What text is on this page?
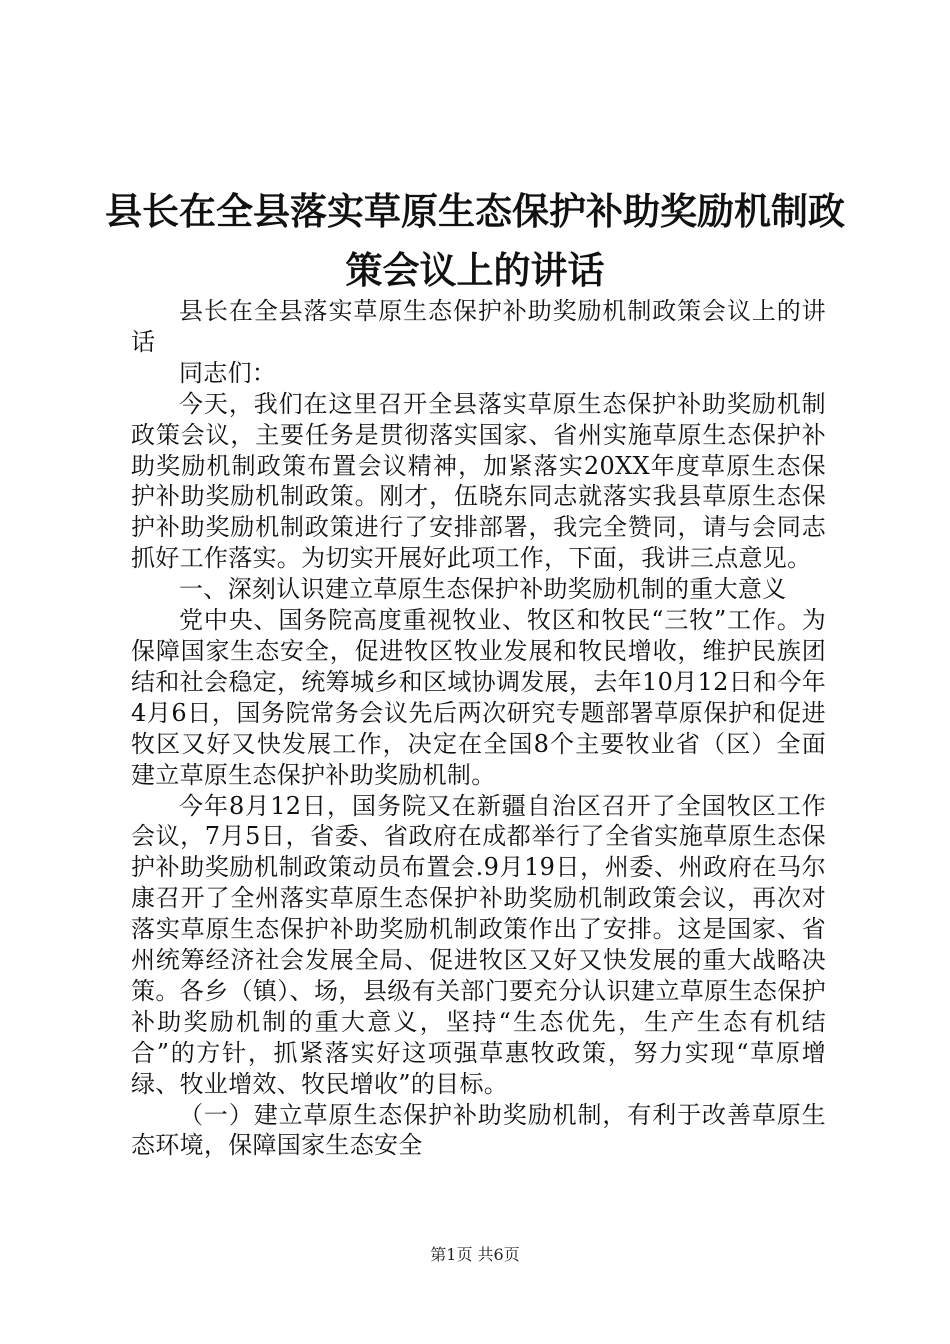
县长在全县落实草原生态保护补助奖励机制政
策会议上的讲话

县长在全县落实草原生态保护补助奖励机制政策会议上的讲话

同志们：

今天，我们在这里召开全县落实草原生态保护补助奖励机制政策会议，主要任务是贯彻落实国家、省州实施草原生态保护补助奖励机制政策布置会议精神，加紧落实20XX年度草原生态保护补助奖励机制政策。刚才，伍晓东同志就落实我县草原生态保护补助奖励机制政策进行了安排部署，我完全赞同，请与会同志抓好工作落实。为切实开展好此项工作，下面，我讲三点意见。

一、深刻认识建立草原生态保护补助奖励机制的重大意义

党中央、国务院高度重视牧业、牧区和牧民“三牧”工作。为保障国家生态安全，促进牧区牧业发展和牧民增收，维护民族团结和社会稳定，统筹城乡和区域协调发展，去年10月12日和今年4月6日，国务院常务会议先后两次研究专题部署草原保护和促进牧区又好又快发展工作，决定在全国8个主要牧业省（区）全面建立草原生态保护补助奖励机制。

今年8月12日，国务院又在新疆自治区召开了全国牧区工作会议，7月5日，省委、省政府在成都举行了全省实施草原生态保护补助奖励机制政策动员布置会.9月19日，州委、州政府在马尔康召开了全州落实草原生态保护补助奖励机制政策会议，再次对落实草原生态保护补助奖励机制政策作出了安排。这是国家、省州统筹经济社会发展全局、促进牧区又好又快发展的重大战略决策。各乡（镇）、场，县级有关部门要充分认识建立草原生态保护补助奖励机制的重大意义，坚持“生态优先，生产生态有机结合”的方针，抓紧落实好这项强草惠牧政策，努力实现“草原增绿、牧业增效、牧民增收”的目标。

（一）建立草原生态保护补助奖励机制，有利于改善草原生态环境，保障国家生态安全

第1页 共6页
